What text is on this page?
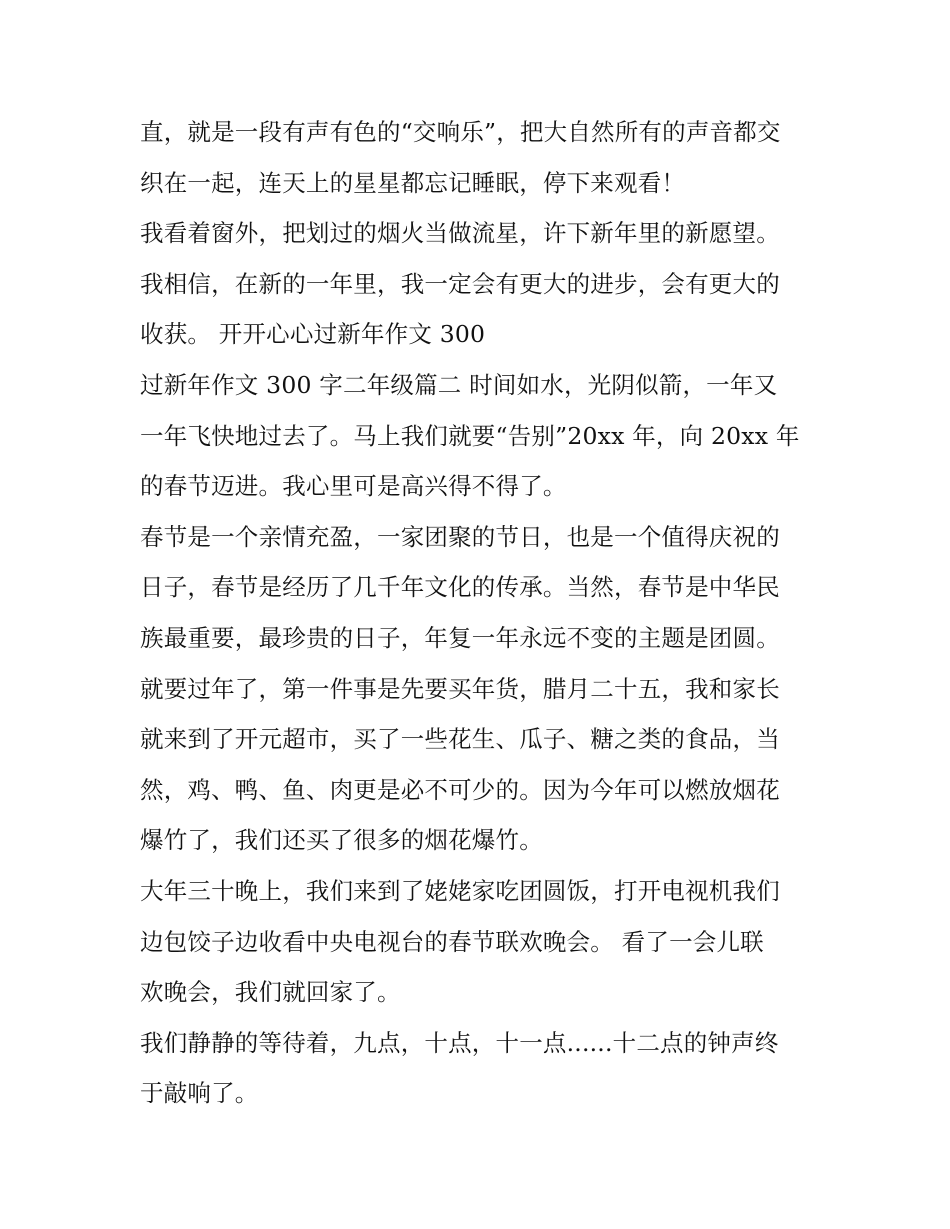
直，就是一段有声有色的“交响乐”，把大自然所有的声音都交
织在一起，连天上的星星都忘记睡眠，停下来观看！
我看着窗外，把划过的烟火当做流星，许下新年里的新愿望。
我相信，在新的一年里，我一定会有更大的进步，会有更大的
收获。 开开心心过新年作文 300
过新年作文 300 字二年级篇二 时间如水，光阴似箭，一年又
一年飞快地过去了。马上我们就要“告别”20xx 年，向 20xx 年
的春节迈进。我心里可是高兴得不得了。
春节是一个亲情充盈，一家团聚的节日，也是一个值得庆祝的
日子，春节是经历了几千年文化的传承。当然，春节是中华民
族最重要，最珍贵的日子，年复一年永远不变的主题是团圆。
就要过年了，第一件事是先要买年货，腊月二十五，我和家长
就来到了开元超市，买了一些花生、瓜子、糖之类的食品，当
然，鸡、鸭、鱼、肉更是必不可少的。因为今年可以燃放烟花
爆竹了，我们还买了很多的烟花爆竹。
大年三十晚上，我们来到了姥姥家吃团圆饭，打开电视机我们
边包饺子边收看中央电视台的春节联欢晚会。 看了一会儿联
欢晚会，我们就回家了。
我们静静的等待着，九点，十点，十一点......十二点的钟声终
于敲响了。
